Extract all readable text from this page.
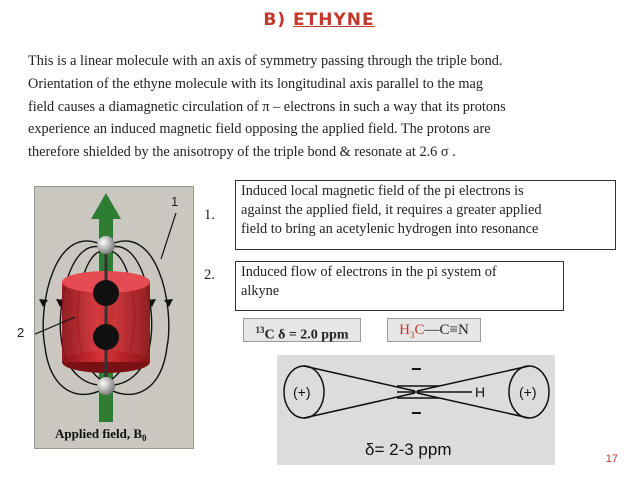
B) ETHYNE
This is a linear molecule with an axis of symmetry passing through the triple bond.
Orientation of the ethyne molecule with its longitudinal axis parallel to the mag
field causes a diamagnetic circulation of π – electrons in such a way that its protons
experience an induced magnetic field opposing the applied field. The protons are
therefore shielded by the anisotropy of the triple bond & resonate at 2.6 σ .
Applied field, $B_0$
1
2
1.
Induced local magnetic field of the pi electrons is
against the applied field, it requires a greater applied
field to bring an acetylenic hydrogen into resonance
2. Induced flow of electrons in the pi system of
alkyne
$^{13}$C δ = 2.0 ppm	$H_3C—C\equiv N$
(+)	(+)
−
−
H
δ= 2-3 ppm	17
